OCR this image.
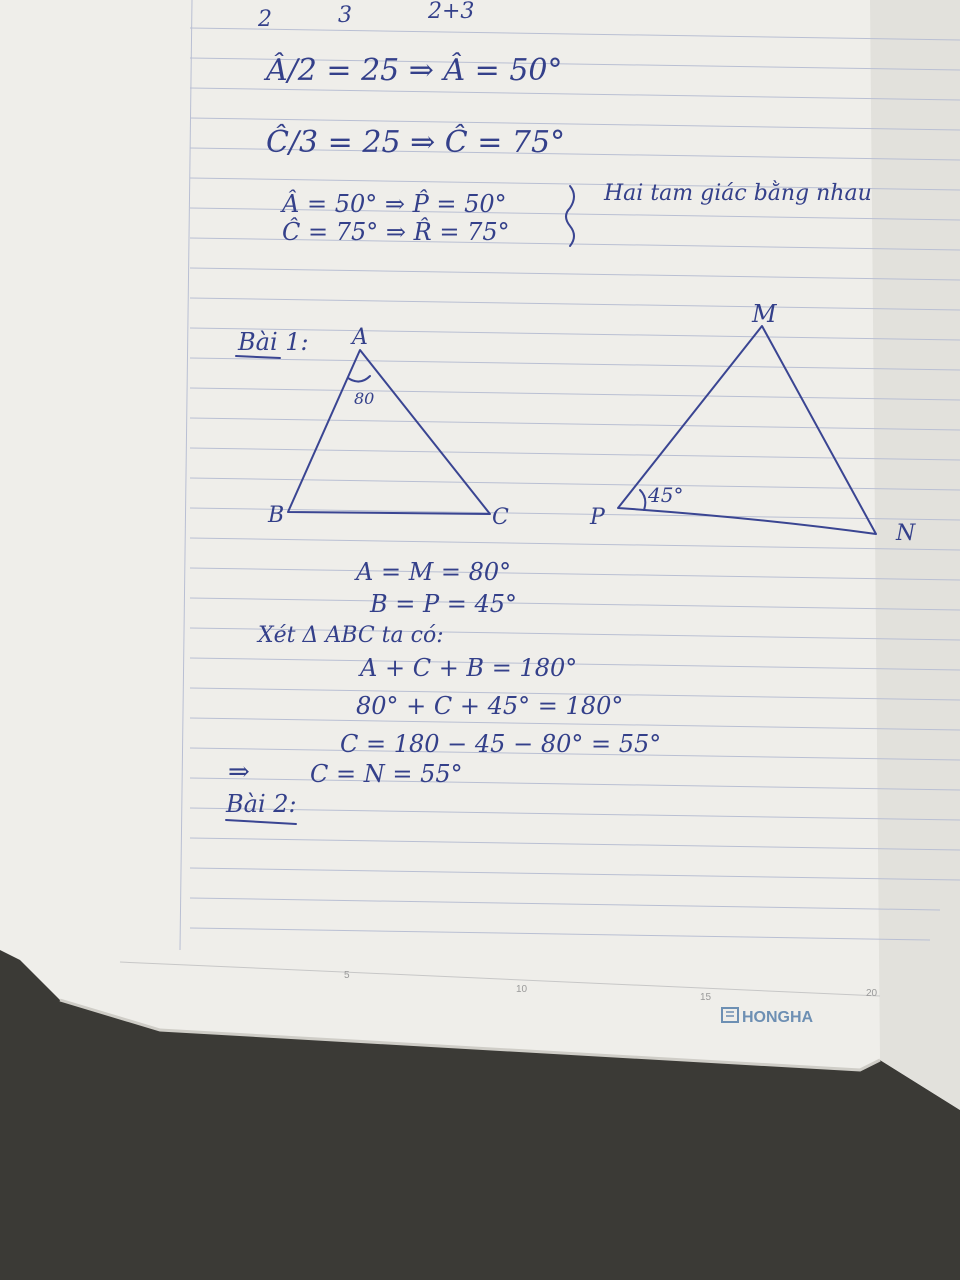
2	3	2+3
Â/2 = 25 ⇒ Â = 50°
Ĉ/3 = 25 ⇒ Ĉ = 75°
Â = 50° ⇒ P̂ = 50°
Ĉ = 75° ⇒ R̂ = 75°
Hai tam giác bằng nhau
Bài 1: A
B	C
80
M
P
N
45°
A = M = 80°
B = P = 45°
Xét Δ ABC ta có:
A + C + B = 180°
80° + C + 45° = 180°
C = 180 − 45 − 80° = 55°
⇒	C = N = 55°
Bài 2:
5
10
15	20
HONGHA
